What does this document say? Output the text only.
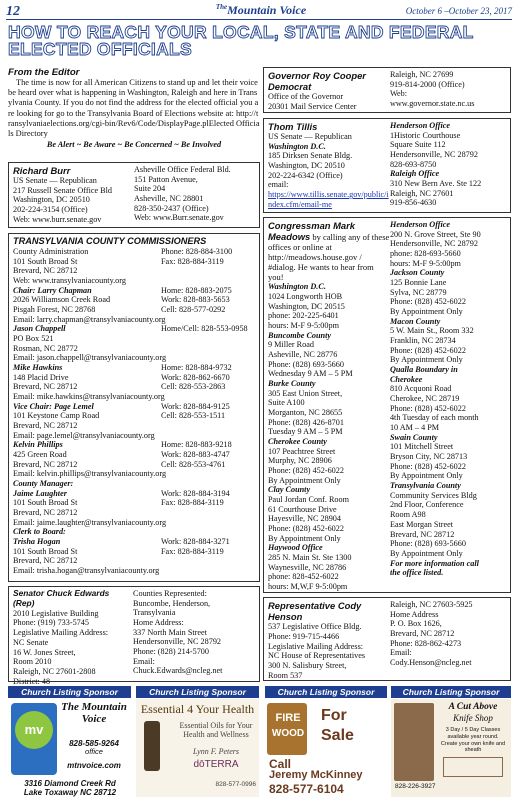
12	$^{The}$Mountain Voice	October 6 –October 23, 2017
HOW TO REACH YOUR LOCAL, STATE AND FEDERAL ELECTED OFFICIALS
From the Editor
The time is now for all American Citizens to stand up and let their voice be heard over what is happening in Washington, Raleigh and here in Transylvania County. If you do not find the address for the elected official you are looking for go to the Transylvania Board of Elections website at: http://transylvaniaelections.org/cgi-bin/Rev6/Code/DisplayPage.plElected Officials Directory
Be Alert ~ Be Aware ~ Be Concerned ~ Be Involved
Richard Burr
US Senate — Republican
217 Russell Senate Office Bld
Washington, DC 20510
202-224-3154 (Office)
Web: www.burr.senate.gov
Asheville Office Federal Bld.
151 Patton Avenue,
Suite 204
Asheville, NC 28801
828-350-2437 (Office)
Web: www.Burr.senate.gov
TRANSYLVANIA COUNTY COMMISSIONERS
County Administration	Phone: 828-884-3100
101 South Broad St	Fax: 828-884-3119
Brevard, NC 28712
Web: www.transylvaniacounty.org
Chair: Larry Chapman	Home: 828-883-2075
2026 Williamson Creek Road	Work: 828-883-5653
Pisgah Forest, NC 28768	Cell: 828-577-0292
Email: larry.chapman@transylvaniacounty.org
Jason Chappell	Home/Cell: 828-553-0958
PO Box 521
Rosman, NC 28772
Email: jason.chappell@transylvaniacounty.org
Mike Hawkins	Home: 828-884-9732
148 Placid Drive	Work: 828-862-6670
Brevard, NC 28712	Cell: 828-553-2863
Email: mike.hawkins@transylvaniacounty.org
Vice Chair: Page Lemel	Work: 828-884-9125
101 Keystone Camp Road	Cell: 828-553-1511
Brevard, NC 28712
Email: page.lemel@transylvaniacounty.org
Kelvin Phillips	Home: 828-883-9218
425 Green Road	Work: 828-883-4747
Brevard, NC 28712	Cell: 828-553-4761
Email: kelvin.phillips@transylvaniacounty.org
County Manager:
Jaime Laughter	Work: 828-884-3194
101 South Broad St	Fax: 828-884-3119
Brevard, NC 28712
Email: jaime.laughter@transylvaniacounty.org
Clerk to Board:
Trisha Hogan	Work: 828-884-3271
101 South Broad St	Fax: 828-884-3119
Brevard, NC 28712
Email: trisha.hogan@transylvaniacounty.org
Senator Chuck Edwards (Rep)
2010 Legislative Building
Phone: (919) 733-5745
Legislative Mailing Address:
NC Senate
16 W. Jones Street,
Room 2010
Raleigh, NC 27601-2808
District: 48
Counties Represented:
Buncombe, Henderson,
Transylvania
Home Address:
337 North Main Street
Hendersonville, NC 28792
Phone: (828) 214-5700
Email:
Chuck.Edwards@ncleg.net
Governor Roy Cooper
Democrat
Office of the Governor
20301 Mail Service Center
Raleigh, NC 27699
919-814-2000 (Office)
Web:
www.governor.state.nc.us
Thom Tillis
US Senate — Republican
Washington D.C.
185 Dirksen Senate Bldg.
Washington, DC 20510
202-224-6342 (Office)
email:
https://www.tillis.senate.gov/public/index.cfm/email-me
Henderson Office
1Historic Courthouse
Square Suite 112
Hendersonville, NC 28792
828-693-8750
Raleigh Office
310 New Bern Ave. Ste 122
Raleigh, NC 27601
919-856-4630
Congressman Mark Meadows by calling any of these offices or online at http://meadows.house.gov / #dialog. He wants to hear from you!
Washington D.C.
1024 Longworth HOB
Washington, DC 20515
phone: 202‑225‑6401
hours: M-F 9-5:00pm
Buncombe County
9 Miller Road
Asheville, NC 28776
Phone: (828) 693-5660
Wednesday 9 AM – 5 PM
Burke County
305 East Union Street,
Suite A100
Morganton, NC 28655
Phone: (828) 426-8701
Tuesday 9 AM – 5 PM
Cherokee County
107 Peachtree Street
Murphy, NC 28906
Phone: (828) 452-6022
By Appointment Only
Clay County
Paul Jordan Conf. Room
61 Courthouse Drive
Hayesville, NC 28904
Phone: (828) 452-6022
By Appointment Only
Haywood Office
285 N. Main St. Ste 1300
Waynesville, NC 28786
phone: 828‑452‑6022
hours: M,W,F 9-5:00pm
Henderson Office
200 N. Grove Street, Ste 90
Hendersonville, NC 28792
phone: 828‑693‑5660
hours: M-F 9-5:00pm
Jackson County
125 Bonnie Lane
Sylva, NC 28779
Phone: (828) 452-6022
By Appointment Only
Macon County
5 W. Main St., Room 332
Franklin, NC 28734
Phone: (828) 452-6022
By Appointment Only
Qualla Boundary in
Cherokee
810 Acquoni Road
Cherokee, NC 28719
Phone: (828) 452-6022
4th Tuesday of each month
10 AM – 4 PM
Swain County
101 Mitchell Street
Bryson City, NC 28713
Phone: (828) 452-6022
By Appointment Only
Transylvania County
Community Services Bldg
2nd Floor, Conference
Room A98
East Morgan Street
Brevard, NC 28712
Phone: (828) 693-5660
By Appointment Only
For more information call
the office listed.
Representative Cody Henson
537 Legislative Office Bldg.
Phone: 919-715-4466
Legislative Mailing Address:
NC House of Representatives
300 N. Salisbury Street,
Room 537
Raleigh, NC 27603-5925
Home Address
P. O. Box 1626,
Brevard, NC 28712
Phone: 828-862-4273
Email:
Cody.Henson@ncleg.net
Church Listing Sponsor	Church Listing Sponsor	Church Listing Sponsor	Church Listing Sponsor
mv
The Mountain Voice
828-585-9264
office
mtnvoice.com
3316 Diamond Creek Rd
Lake Toxaway NC 28712
Essential 4 Your Health
Essential Oils for Your Health and Wellness
Lynn F. Peters
dōTERRA
828-577-0996
FIRE
WOOD
For
Sale
Call
Jeremy McKinney
828-577-6104
A Cut Above
Knife Shop
3 Day / 5 Day Classes
available year round.
Create your own knife and sheath
828-226-3927
